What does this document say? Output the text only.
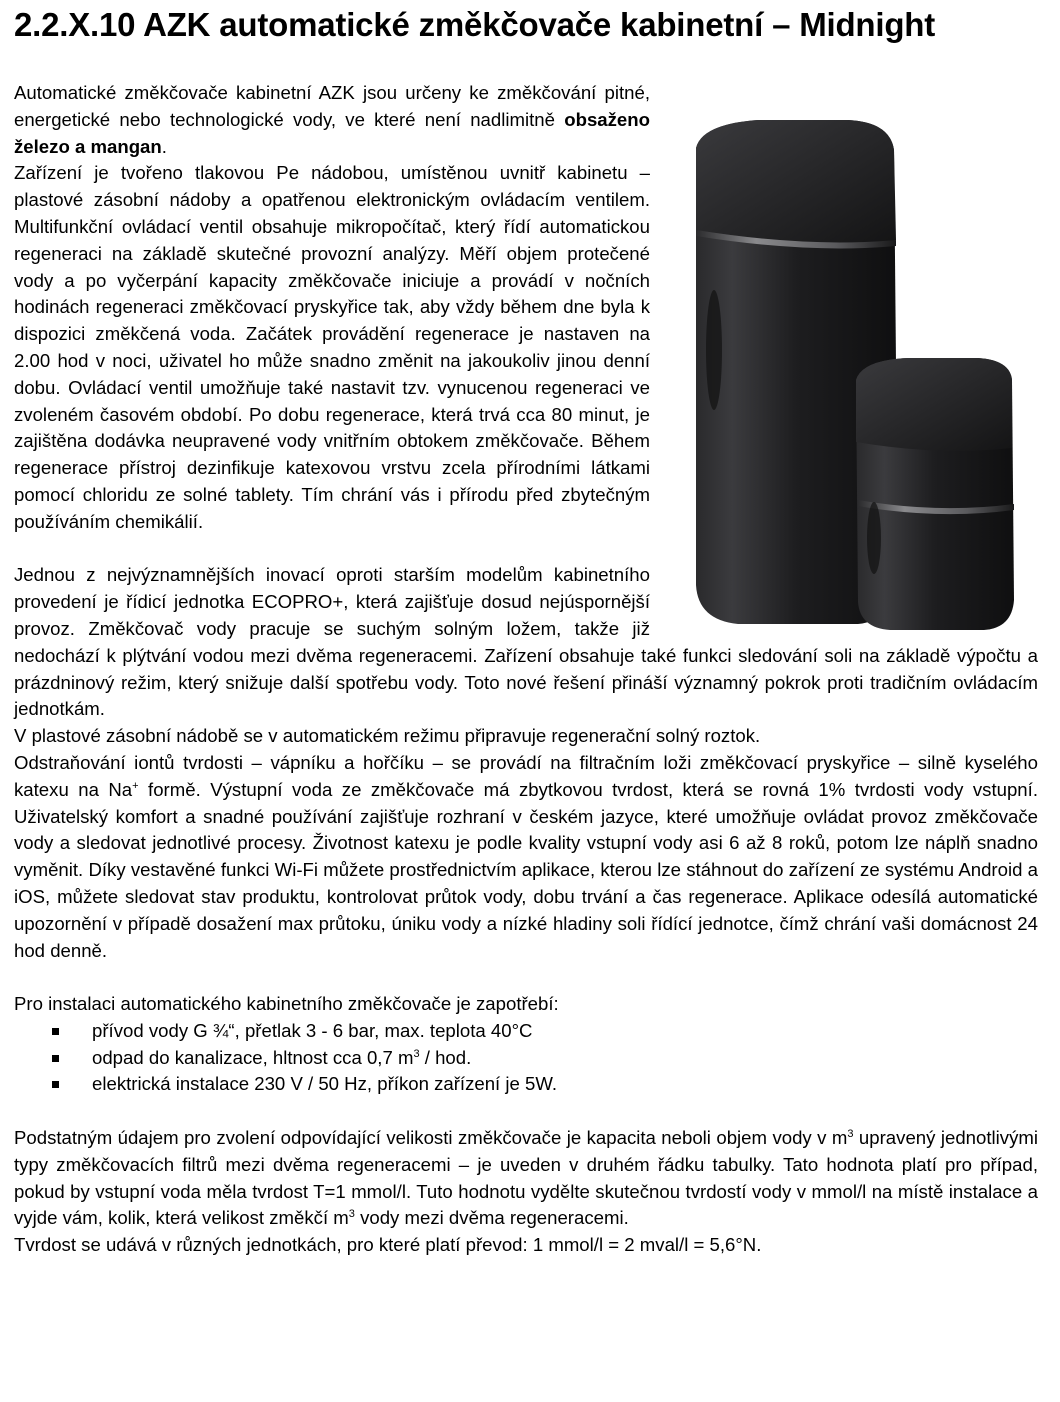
2.2.X.10 AZK automatické změkčovače kabinetní – Midnight

Automatické změkčovače kabinetní AZK jsou určeny ke změkčování pitné, energetické nebo technologické vody, ve které není nadlimitně obsaženo železo a mangan.

Zařízení je tvořeno tlakovou Pe nádobou, umístěnou uvnitř kabinetu – plastové zásobní nádoby a opatřenou elektronickým ovládacím ventilem. Multifunkční ovládací ventil obsahuje mikropočítač, který řídí automatickou regeneraci na základě skutečné provozní analýzy. Měří objem protečené vody a po vyčerpání kapacity změkčovače iniciuje a provádí v nočních hodinách regeneraci změkčovací pryskyřice tak, aby vždy během dne byla k dispozici změkčená voda. Začátek provádění regenerace je nastaven na 2.00 hod v noci, uživatel ho může snadno změnit na jakoukoliv jinou denní dobu. Ovládací ventil umožňuje také nastavit tzv. vynucenou regeneraci ve zvoleném časovém období. Po dobu regenerace, která trvá cca 80 minut, je zajištěna dodávka neupravené vody vnitřním obtokem změkčovače. Během regenerace přístroj dezinfikuje katexovou vrstvu zcela přírodními látkami pomocí chloridu ze solné tablety. Tím chrání vás i přírodu před zbytečným používáním chemikálií.

Jednou z nejvýznamnějších inovací oproti starším modelům kabinetního provedení je řídicí jednotka ECOPRO+, která zajišťuje dosud nejúspornější provoz. Změkčovač vody pracuje se suchým solným ložem, takže již nedochází k plýtvání vodou mezi dvěma regeneracemi. Zařízení obsahuje také funkci sledování soli na základě výpočtu a prázdninový režim, který snižuje další spotřebu vody. Toto nové řešení přináší významný pokrok proti tradičním ovládacím jednotkám.

V plastové zásobní nádobě se v automatickém režimu připravuje regenerační solný roztok.

Odstraňování iontů tvrdosti – vápníku a hořčíku – se provádí na filtračním loži změkčovací pryskyřice – silně kyselého katexu na Na+ formě. Výstupní voda ze změkčovače má zbytkovou tvrdost, která se rovná 1% tvrdosti vody vstupní. Uživatelský komfort a snadné používání zajišťuje rozhraní v českém jazyce, které umožňuje ovládat provoz změkčovače vody a sledovat jednotlivé procesy. Životnost katexu je podle kvality vstupní vody asi 6 až 8 roků, potom lze náplň snadno vyměnit. Díky vestavěné funkci Wi-Fi můžete prostřednictvím aplikace, kterou lze stáhnout do zařízení ze systému Android a iOS, můžete sledovat stav produktu, kontrolovat průtok vody, dobu trvání a čas regenerace. Aplikace odesílá automatické upozornění v případě dosažení max průtoku, úniku vody a nízké hladiny soli řídící jednotce, čímž chrání vaši domácnost 24 hod denně.

Pro instalaci automatického kabinetního změkčovače je zapotřebí:

přívod vody G ¾“, přetlak 3 - 6 bar, max. teplota 40°C
odpad do kanalizace, hltnost cca 0,7 $m^3$ / hod.
elektrická instalace 230 V / 50 Hz, příkon zařízení je 5W.

Podstatným údajem pro zvolení odpovídající velikosti změkčovače je kapacita neboli objem vody v $m^3$ upravený jednotlivými typy změkčovacích filtrů mezi dvěma regeneracemi – je uveden v druhém řádku tabulky. Tato hodnota platí pro případ, pokud by vstupní voda měla tvrdost T=1 mmol/l. Tuto hodnotu vydělte skutečnou tvrdostí vody v mmol/l na místě instalace a vyjde vám, kolik, která velikost změkčí $m^3$ vody mezi dvěma regeneracemi.

Tvrdost se udává v různých jednotkách, pro které platí převod: 1 mmol/l = 2 mval/l = 5,6°N.
